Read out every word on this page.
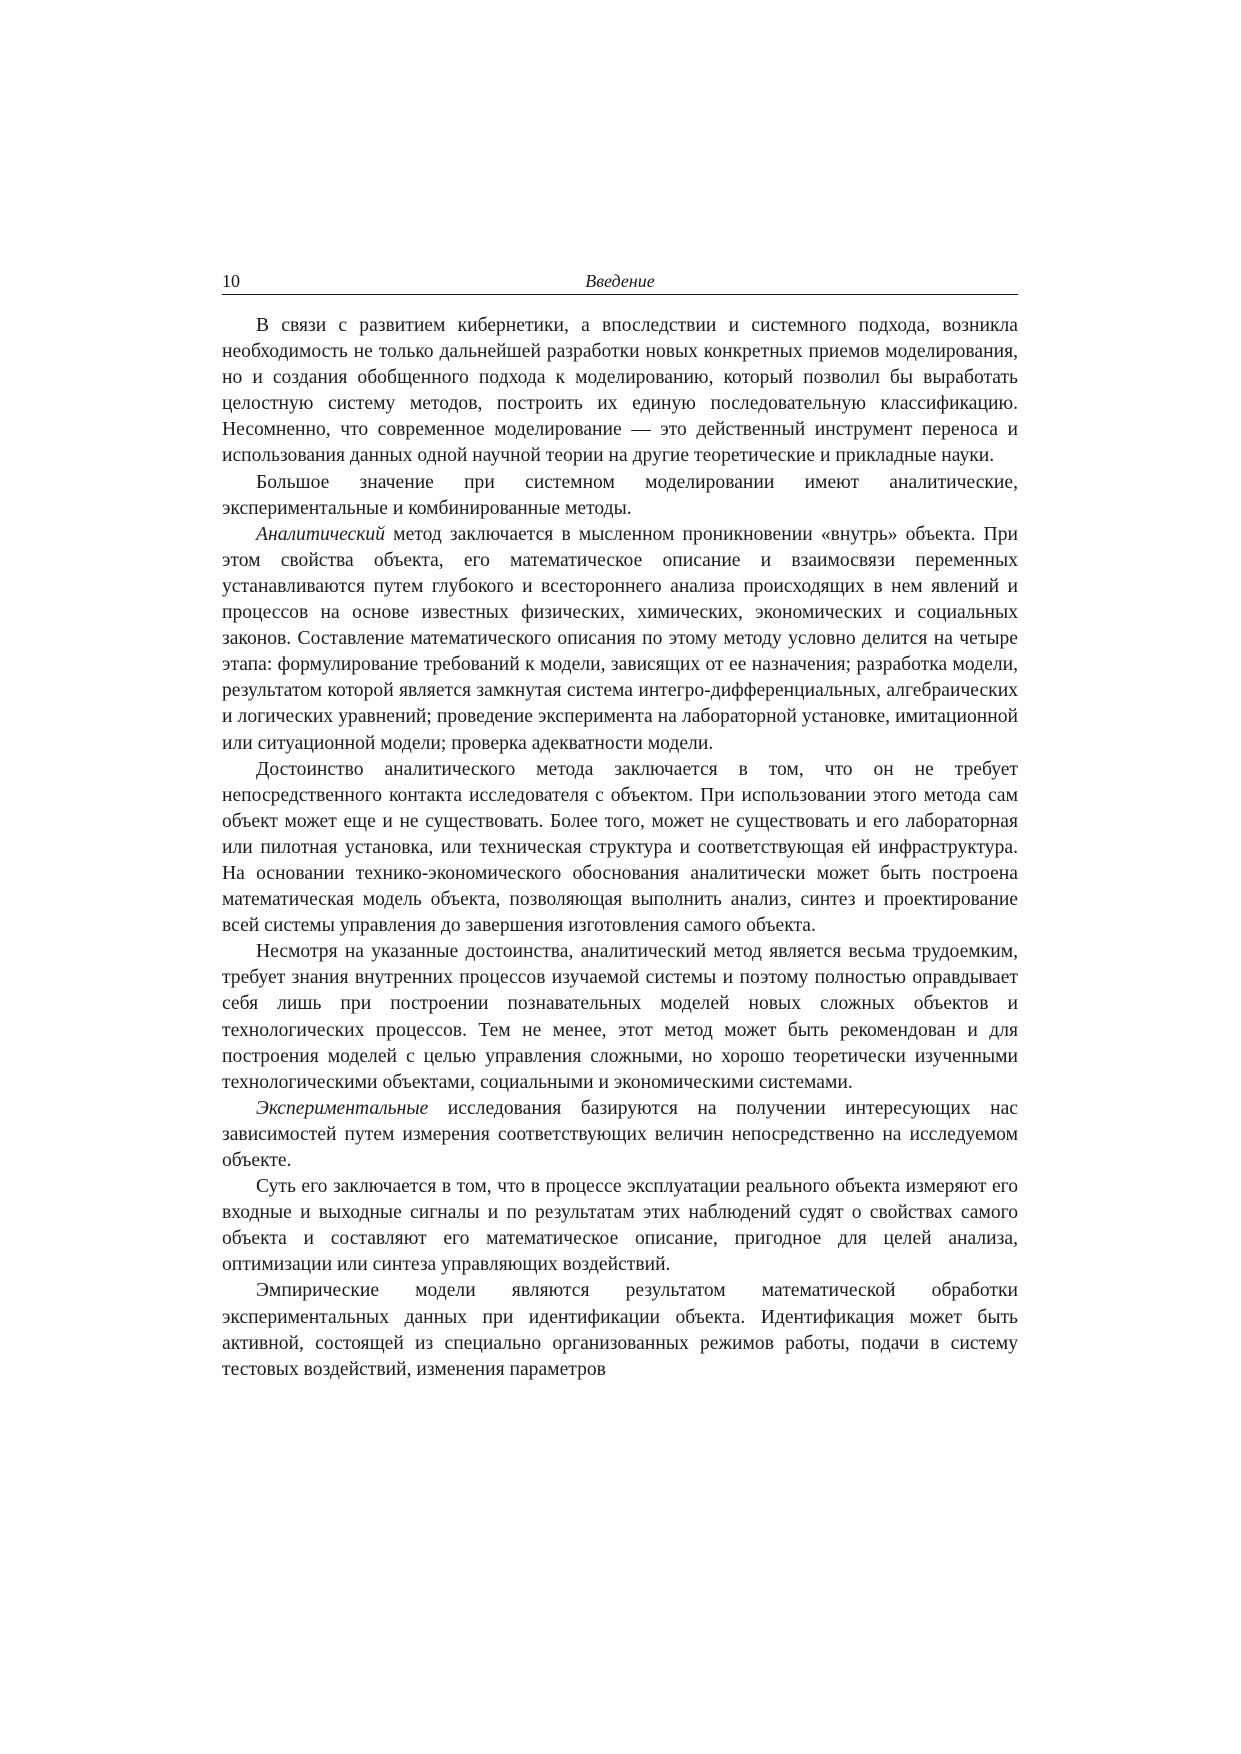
10	Введение

В связи с развитием кибернетики, а впоследствии и системного подхода, возникла необходимость не только дальнейшей разработки новых конкретных приемов моделирования, но и создания обобщенного подхода к моделированию, который позволил бы выработать целостную систему методов, построить их единую последовательную классификацию. Несомненно, что современное моделирование — это действенный инструмент переноса и использования данных одной научной теории на другие теоретические и прикладные науки.

Большое значение при системном моделировании имеют аналитические, экспериментальные и комбинированные методы.

Аналитический метод заключается в мысленном проникновении «внутрь» объекта. При этом свойства объекта, его математическое описание и взаимосвязи переменных устанавливаются путем глубокого и всестороннего анализа происходящих в нем явлений и процессов на основе известных физических, химических, экономических и социальных законов. Составление математического описания по этому методу условно делится на четыре этапа: формулирование требований к модели, зависящих от ее назначения; разработка модели, результатом которой является замкнутая система интегро-дифференциальных, алгебраических и логических уравнений; проведение эксперимента на лабораторной установке, имитационной или ситуационной модели; проверка адекватности модели.

Достоинство аналитического метода заключается в том, что он не требует непосредственного контакта исследователя с объектом. При использовании этого метода сам объект может еще и не существовать. Более того, может не существовать и его лабораторная или пилотная установка, или техническая структура и соответствующая ей инфраструктура. На основании технико-экономического обоснования аналитически может быть построена математическая модель объекта, позволяющая выполнить анализ, синтез и проектирование всей системы управления до завершения изготовления самого объекта.

Несмотря на указанные достоинства, аналитический метод является весьма трудоемким, требует знания внутренних процессов изучаемой системы и поэтому полностью оправдывает себя лишь при построении познавательных моделей новых сложных объектов и технологических процессов. Тем не менее, этот метод может быть рекомендован и для построения моделей с целью управления сложными, но хорошо теоретически изученными технологическими объектами, социальными и экономическими системами.

Экспериментальные исследования базируются на получении интересующих нас зависимостей путем измерения соответствующих величин непосредственно на исследуемом объекте.

Суть его заключается в том, что в процессе эксплуатации реального объекта измеряют его входные и выходные сигналы и по результатам этих наблюдений судят о свойствах самого объекта и составляют его математическое описание, пригодное для целей анализа, оптимизации или синтеза управляющих воздействий.

Эмпирические модели являются результатом математической обработки экспериментальных данных при идентификации объекта. Идентификация может быть активной, состоящей из специально организованных режимов работы, подачи в систему тестовых воздействий, изменения параметров
